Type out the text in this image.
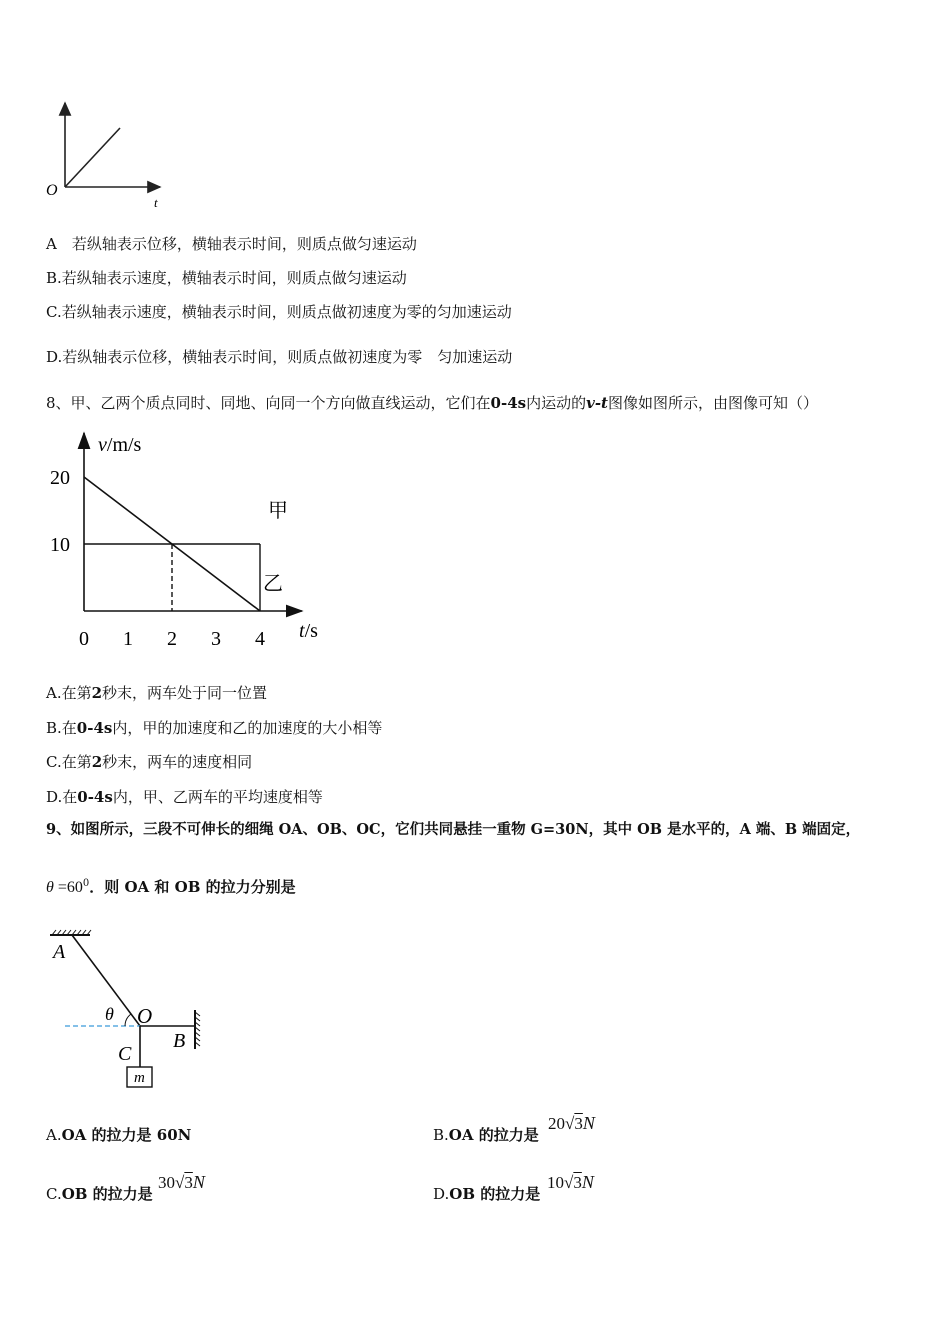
O
t
A　若纵轴表示位移，横轴表示时间，则质点做匀速运动
B.若纵轴表示速度，横轴表示时间，则质点做匀速运动
C.若纵轴表示速度，横轴表示时间，则质点做初速度为零的匀加速运动
D.若纵轴表示位移，横轴表示时间，则质点做初速度为零　匀加速运动
8、甲、乙两个质点同时、同地、向同一个方向做直线运动，它们在0-4s内运动的v-t图像如图所示，由图像可知（）
甲
乙
20
10
0 1 2 3 4
v/m/s
t/s
A.在第2秒末，两车处于同一位置
B.在0-4s内，甲的加速度和乙的加速度的大小相等
C.在第2秒末，两车的速度相同
D.在0-4s内，甲、乙两车的平均速度相等
9、如图所示，三段不可伸长的细绳 OA、OB、OC，它们共同悬挂一重物 G=30N，其中 OB 是水平的，A 端、B 端固定，
$\theta =60^0$．则 OA 和 OB 的拉力分别是
A
θ O
B
C
m
A.OA 的拉力是 60N	B.OA 的拉力是
20√3N
C.OB 的拉力是
30√3N
D.OB 的拉力是
10√3N
